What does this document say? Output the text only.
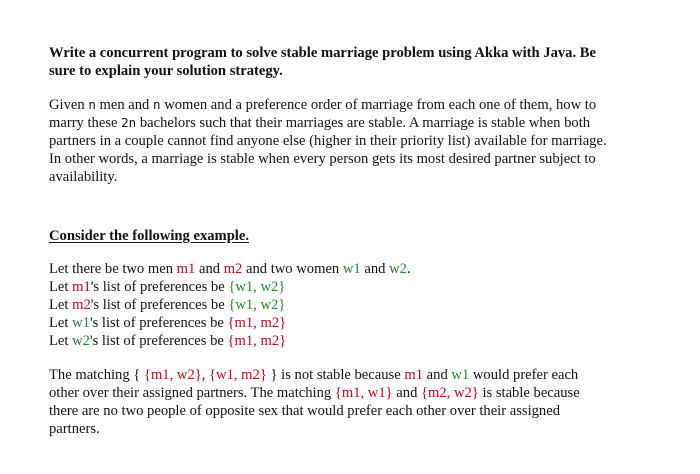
Write a concurrent program to solve stable marriage problem using Akka with Java. Be
sure to explain your solution strategy.
Given n men and n women and a preference order of marriage from each one of them, how to
marry these 2n bachelors such that their marriages are stable. A marriage is stable when both
partners in a couple cannot find anyone else (higher in their priority list) available for marriage.
In other words, a marriage is stable when every person gets its most desired partner subject to
availability.
Consider the following example.
Let there be two men m1 and m2 and two women w1 and w2.
Let m1's list of preferences be {w1, w2}
Let m2's list of preferences be {w1, w2}
Let w1's list of preferences be {m1, m2}
Let w2's list of preferences be {m1, m2}
The matching { {m1, w2}, {w1, m2} } is not stable because m1 and w1 would prefer each
other over their assigned partners. The matching {m1, w1} and {m2, w2} is stable because
there are no two people of opposite sex that would prefer each other over their assigned
partners.
